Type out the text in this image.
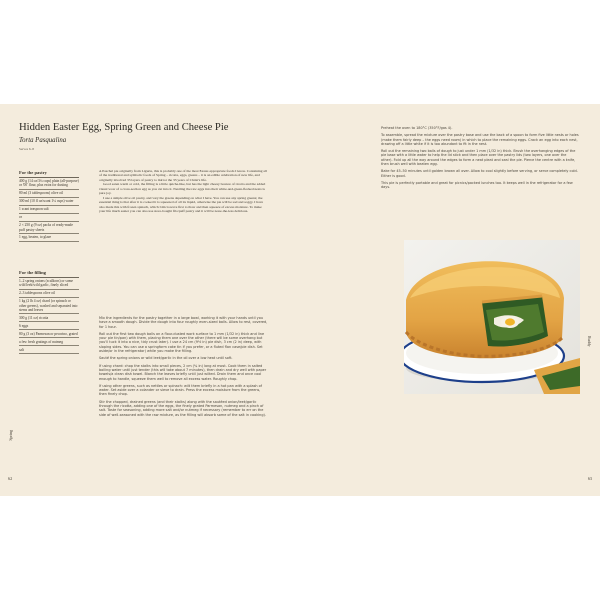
Hidden Easter Egg, Spring Green and Cheese Pie
Torta Pasqualina
Serves 6–8
For the pastry
400 g (14 oz/3¼ cups) plain (all-purpose) or '00' flour, plus extra for dusting
80 ml (3 tablespoons) olive oil
300 ml (10 fl oz/scant 1¼ cups) water
1 scant teaspoon salt
or
2 × 250 g (9 oz) packs of ready-made puff pastry sheets
1 egg, beaten, to glaze
For the filling
1–2 spring onions (scallions) or some wild leek/wild garlic, finely sliced
2–3 tablespoons olive oil
1 kg (2 lb 4 oz) chard (or spinach or other greens), washed and separated into stems and leaves
300 g (11 oz) ricotta
6 eggs
80 g (3 oz) Parmesan or pecorino, grated
a few fresh gratings of nutmeg
salt

A Paschal pie originally from Liguria, this is probably one of the most Easter-appropriate foods I know. Containing all of the traditional and symbolic foods of Spring – ricotta, eggs, greens – it is an edible celebration of new life, and originally involved 33 layers of pastry to mirror the 33 years of Christ's life.

Good eaten warm or cold, the filling is a little quiche-like, but has the light cheesy bounce of ricotta and the added visual wow of a cross-section egg as you cut into it. Nestling the raw eggs into their white-and-green-flecked nests is pure joy.

I use a simple olive oil pastry, and vary the greens depending on what I have. You can use any spring greens; the essential thing is that after it is cooked it is squeezed of all its liquid, otherwise the pie will be sad and soggy. I have also made this with frozen spinach, which I microwave first to thaw and then squeeze of excess moisture. To make your life much easier you can also use store-bought filo/puff pastry and it will be none-the-less delicious.

Mix the ingredients for the pastry together in a large bowl, working it with your hands until you have a smooth dough. Divide the dough into four roughly even-sized balls. Allow to rest, covered, for 1 hour.

Roll out the first two dough balls on a flour-dusted work surface to 1 mm (1/32 in) thick and line your pie tin/pan) with them, placing them one over the other (there will be some overhang but you'll tuck it into a nice, tidy crust later). I use a 24 cm (9½ in) pie dish, 3 cm (2 in) deep, with sloping sides. You can use a springform cake tin if you prefer, or a fluted flan case/pie dish. Set aside/or in the refrigerator) while you make the filling.

Sauté the spring onions or wild leek/garlic in the oil over a low heat until soft.

If using chard: chop the stalks into small pieces, 2 cm (¾ in) long at most. Cook them in salted boiling water until just tender (this will take about 7 minutes), then drain and dry well with paper towels/a clean dish towel. Blanch the leaves briefly until just wilted. Drain them and once cool enough to handle, squeeze them well to remove all excess water. Roughly chop.

If using other greens, such as nettles or spinach: wilt them briefly in a hot pan with a splash of water. Set aside over a colander or sieve to drain. Press the excess moisture from the greens, then finely chop.

Stir the chopped, drained greens (and their stalks) along with the sautéed onion/leek/garlic through the ricotta, adding one of the eggs, the finely grated Parmesan, nutmeg and a pinch of salt. Taste for seasoning, adding more salt and/or nutmeg if necessary (remember to err on the side of well-seasoned with the raw mixture, as the filling will absorb some of the salt in cooking).

Spring
62

Preheat the oven to 180°C (350°F/gas 4).

To assemble, spread the mixture over the pastry base and use the back of a spoon to form five little nests or holes (make them fairly deep – the eggs need room) in which to place the remaining eggs. Crack an egg into each nest, drawing off a little white if it is too abundant to fit in the nest.

Roll out the remaining two balls of dough to just under 1 mm (1/32 in) thick. Brush the overhanging edges of the pie base with a little water to help the lid stick and then place over the pastry lids (two layers, one over the other). Fold up all the way around the edges to form a neat pleat and seal the pie. Pierce the centre with a knife, then brush well with beaten egg.

Bake for 45–50 minutes until golden brown all over. Allow to cool slightly before serving, or serve completely cold. Either is good.

This pie is perfectly portable and great for picnics/packed lunches too. It keeps well in the refrigerator for a few days.

Ruddy
63
